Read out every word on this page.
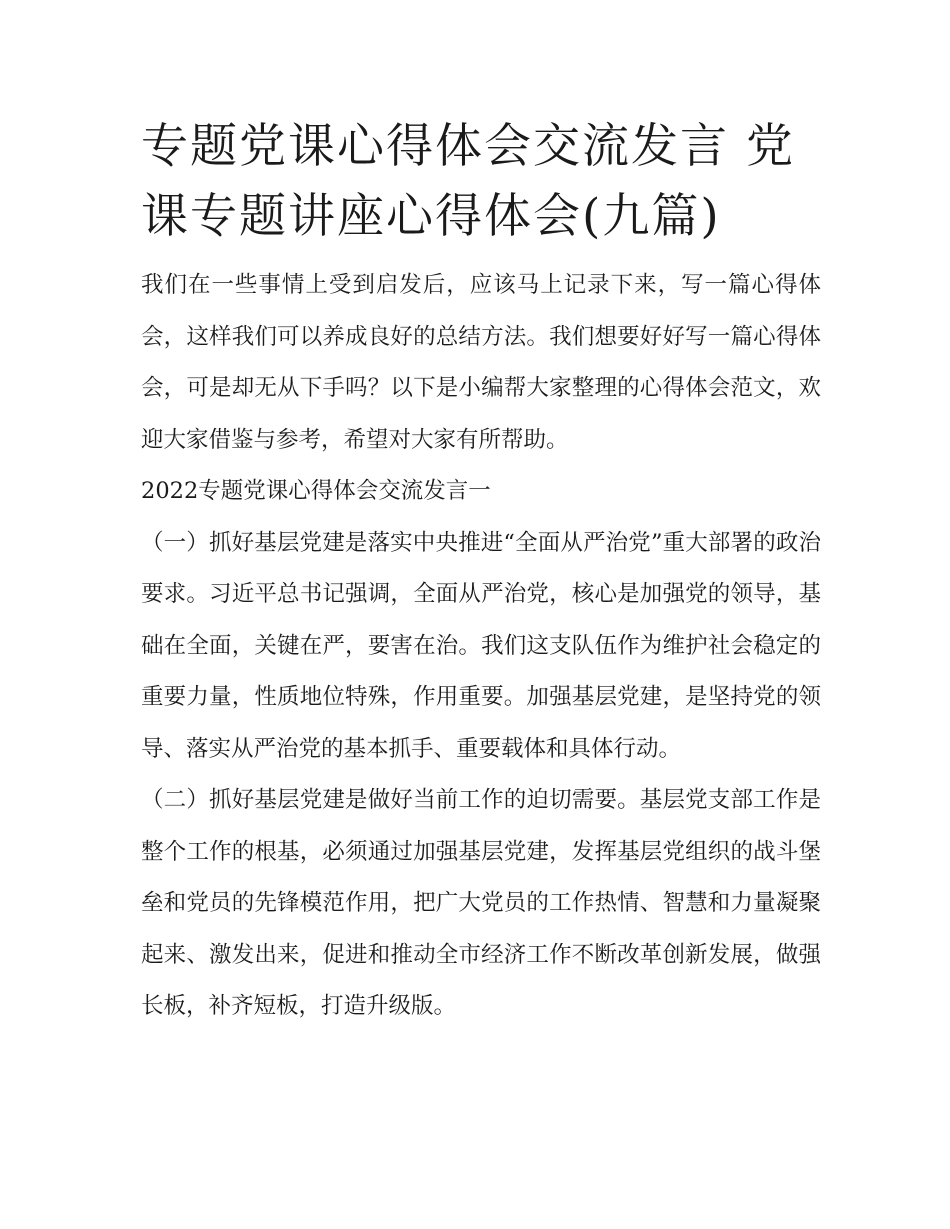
专题党课心得体会交流发言 党课专题讲座心得体会(九篇)

我们在一些事情上受到启发后，应该马上记录下来，写一篇心得体会，这样我们可以养成良好的总结方法。我们想要好好写一篇心得体会，可是却无从下手吗？以下是小编帮大家整理的心得体会范文，欢迎大家借鉴与参考，希望对大家有所帮助。

2022专题党课心得体会交流发言一

（一）抓好基层党建是落实中央推进“全面从严治党”重大部署的政治要求。习近平总书记强调，全面从严治党，核心是加强党的领导，基础在全面，关键在严，要害在治。我们这支队伍作为维护社会稳定的重要力量，性质地位特殊，作用重要。加强基层党建，是坚持党的领导、落实从严治党的基本抓手、重要载体和具体行动。

（二）抓好基层党建是做好当前工作的迫切需要。基层党支部工作是整个工作的根基，必须通过加强基层党建，发挥基层党组织的战斗堡垒和党员的先锋模范作用，把广大党员的工作热情、智慧和力量凝聚起来、激发出来，促进和推动全市经济工作不断改革创新发展，做强长板，补齐短板，打造升级版。
